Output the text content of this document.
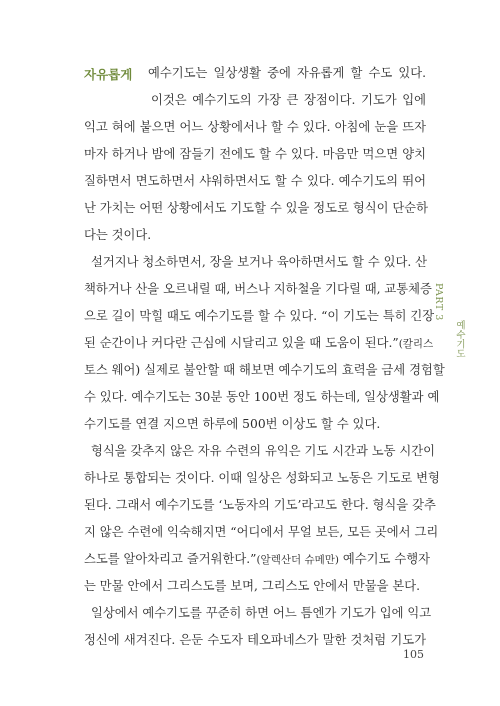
자유롭게 예수기도는 일상생활 중에 자유롭게 할 수도 있다.
이것은 예수기도의 가장 큰 장점이다. 기도가 입에
익고 혀에 붙으면 어느 상황에서나 할 수 있다. 아침에 눈을 뜨자
마자 하거나 밤에 잠들기 전에도 할 수 있다. 마음만 먹으면 양치
질하면서 면도하면서 샤워하면서도 할 수 있다. 예수기도의 뛰어
난 가치는 어떤 상황에서도 기도할 수 있을 정도로 형식이 단순하
다는 것이다.
설거지나 청소하면서, 장을 보거나 육아하면서도 할 수 있다. 산
책하거나 산을 오르내릴 때, 버스나 지하철을 기다릴 때, 교통체증
으로 길이 막힐 때도 예수기도를 할 수 있다. “이 기도는 특히 긴장
된 순간이나 커다란 근심에 시달리고 있을 때 도움이 된다.”(칼리스
토스 웨어) 실제로 불안할 때 해보면 예수기도의 효력을 금세 경험할
수 있다. 예수기도는 30분 동안 100번 정도 하는데, 일상생활과 예
수기도를 연결 지으면 하루에 500번 이상도 할 수 있다.
형식을 갖추지 않은 자유 수련의 유익은 기도 시간과 노동 시간이
하나로 통합되는 것이다. 이때 일상은 성화되고 노동은 기도로 변형
된다. 그래서 예수기도를 ‘노동자의 기도’라고도 한다. 형식을 갖추
지 않은 수련에 익숙해지면 “어디에서 무얼 보든, 모든 곳에서 그리
스도를 알아차리고 즐거워한다.”(알렉산더 슈메만) 예수기도 수행자
는 만물 안에서 그리스도를 보며, 그리스도 안에서 만물을 본다.
일상에서 예수기도를 꾸준히 하면 어느 틈엔가 기도가 입에 익고
정신에 새겨진다. 은둔 수도자 테오파네스가 말한 것처럼 기도가
PART 3
예수기도
105
